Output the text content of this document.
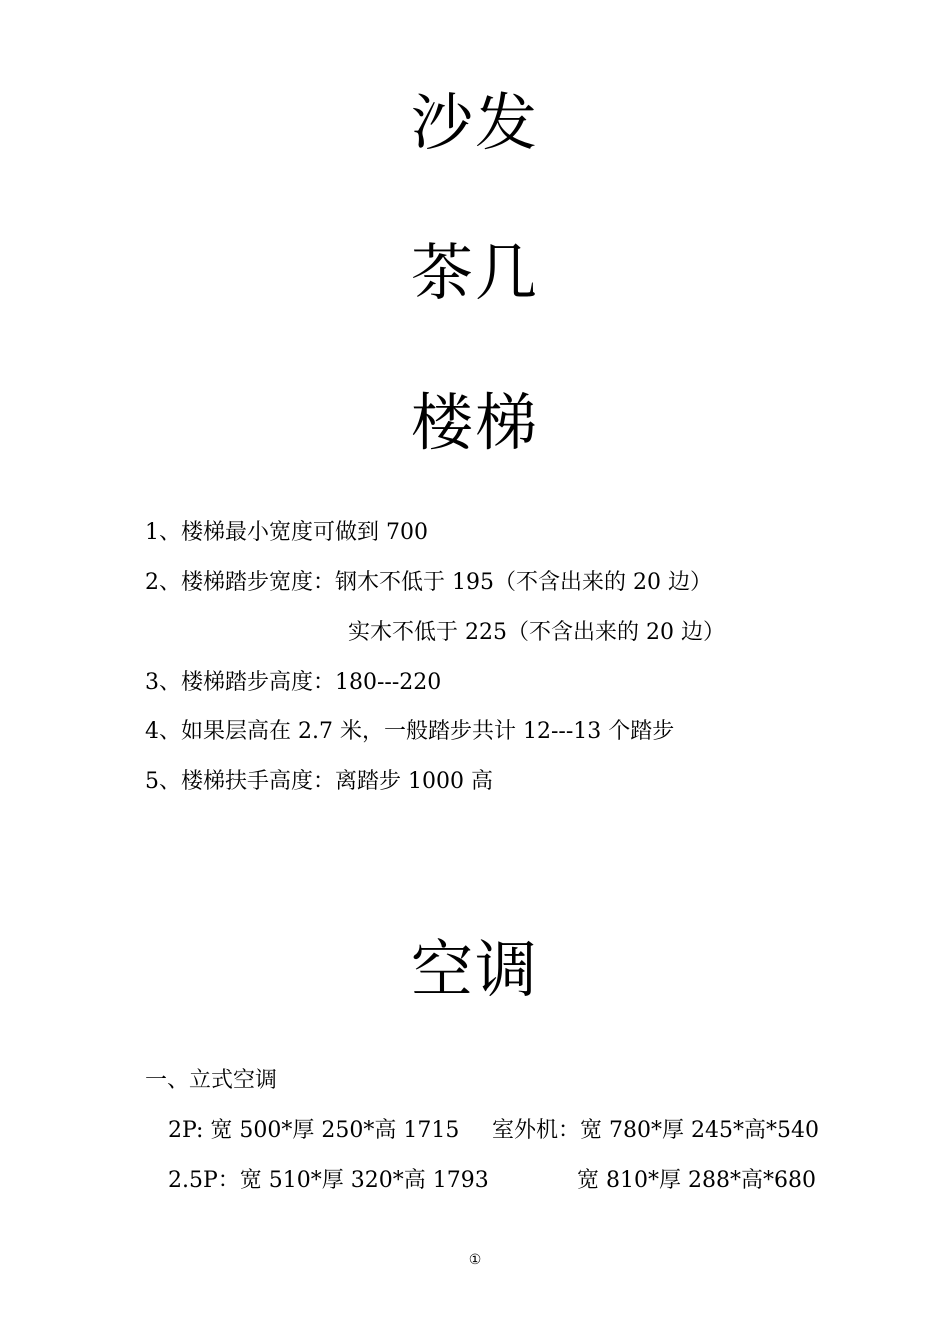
沙发
茶几
楼梯

1、楼梯最小宽度可做到 700

2、楼梯踏步宽度：钢木不低于 195（不含出来的 20 边）

实木不低于 225（不含出来的 20 边）

3、楼梯踏步高度：180---220

4、如果层高在 2.7 米，一般踏步共计 12---13 个踏步

5、楼梯扶手高度：离踏步 1000 高

空调

一、立式空调

2P: 宽 500*厚 250*高 1715 室外机：宽 780*厚 245*高*540

2.5P：宽 510*厚 320*高 1793	宽 810*厚 288*高*680

①
